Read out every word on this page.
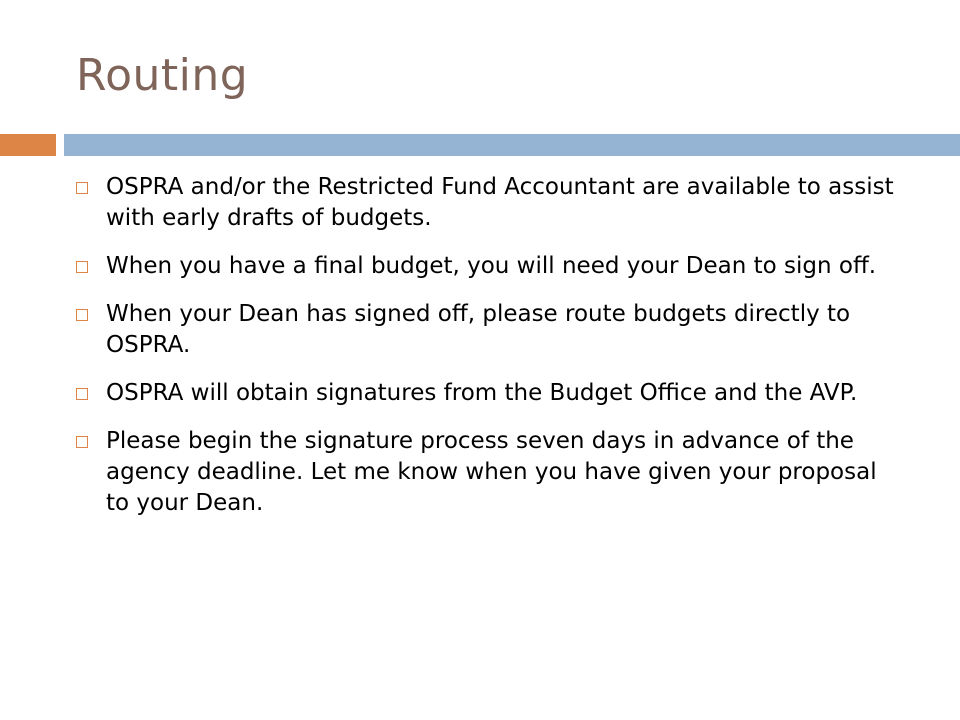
Routing
OSPRA and/or the Restricted Fund Accountant are available to assist with early drafts of budgets.
When you have a final budget, you will need your Dean to sign off.
When your Dean has signed off, please route budgets directly to OSPRA.
OSPRA will obtain signatures from the Budget Office and the AVP.
Please begin the signature process seven days in advance of the agency deadline. Let me know when you have given your proposal to your Dean.
